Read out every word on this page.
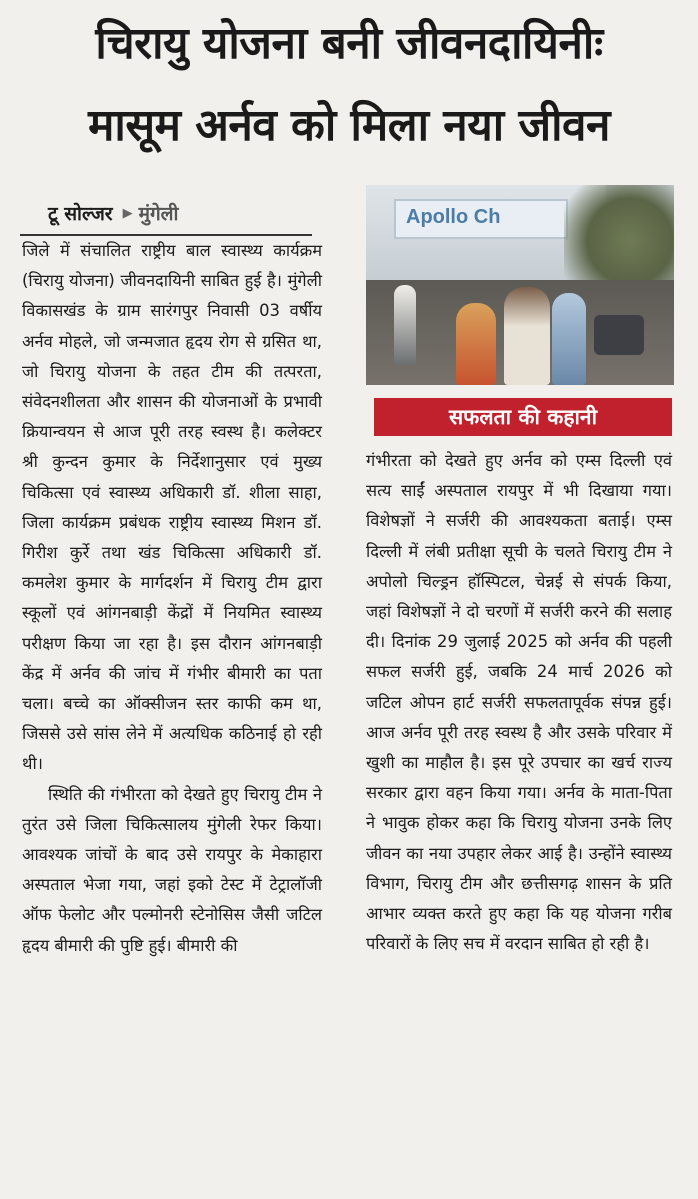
चिरायु योजना बनी जीवनदायिनीः
मासूम अर्नव को मिला नया जीवन
टू सोल्जर ▶ मुंगेली

जिले में संचालित राष्ट्रीय बाल स्वास्थ्य कार्यक्रम (चिरायु योजना) जीवनदायिनी साबित हुई है। मुंगेली विकासखंड के ग्राम सारंगपुर निवासी 03 वर्षीय अर्नव मोहले, जो जन्मजात हृदय रोग से ग्रसित था, जो चिरायु योजना के तहत टीम की तत्परता, संवेदनशीलता और शासन की योजनाओं के प्रभावी क्रियान्वयन से आज पूरी तरह स्वस्थ है। कलेक्टर श्री कुन्दन कुमार के निर्देशानुसार एवं मुख्य चिकित्सा एवं स्वास्थ्य अधिकारी डॉ. शीला साहा, जिला कार्यक्रम प्रबंधक राष्ट्रीय स्वास्थ्य मिशन डॉ. गिरीश कुर्रे तथा खंड चिकित्सा अधिकारी डॉ. कमलेश कुमार के मार्गदर्शन में चिरायु टीम द्वारा स्कूलों एवं आंगनबाड़ी केंद्रों में नियमित स्वास्थ्य परीक्षण किया जा रहा है। इस दौरान आंगनबाड़ी केंद्र में अर्नव की जांच में गंभीर बीमारी का पता चला। बच्चे का ऑक्सीजन स्तर काफी कम था, जिससे उसे सांस लेने में अत्यधिक कठिनाई हो रही थी।

स्थिति की गंभीरता को देखते हुए चिरायु टीम ने तुरंत उसे जिला चिकित्सालय मुंगेली रेफर किया। आवश्यक जांचों के बाद उसे रायपुर के मेकाहारा अस्पताल भेजा गया, जहां इको टेस्ट में टेट्रालॉजी ऑफ फेलोट और पल्मोनरी स्टेनोसिस जैसी जटिल हृदय बीमारी की पुष्टि हुई। बीमारी की

Apollo Ch
सफलता की कहानी

गंभीरता को देखते हुए अर्नव को एम्स दिल्ली एवं सत्य साईं अस्पताल रायपुर में भी दिखाया गया। विशेषज्ञों ने सर्जरी की आवश्यकता बताई। एम्स दिल्ली में लंबी प्रतीक्षा सूची के चलते चिरायु टीम ने अपोलो चिल्ड्रन हॉस्पिटल, चेन्नई से संपर्क किया, जहां विशेषज्ञों ने दो चरणों में सर्जरी करने की सलाह दी। दिनांक 29 जुलाई 2025 को अर्नव की पहली सफल सर्जरी हुई, जबकि 24 मार्च 2026 को जटिल ओपन हार्ट सर्जरी सफलतापूर्वक संपन्न हुई। आज अर्नव पूरी तरह स्वस्थ है और उसके परिवार में खुशी का माहौल है। इस पूरे उपचार का खर्च राज्य सरकार द्वारा वहन किया गया। अर्नव के माता-पिता ने भावुक होकर कहा कि चिरायु योजना उनके लिए जीवन का नया उपहार लेकर आई है। उन्होंने स्वास्थ्य विभाग, चिरायु टीम और छत्तीसगढ़ शासन के प्रति आभार व्यक्त करते हुए कहा कि यह योजना गरीब परिवारों के लिए सच में वरदान साबित हो रही है।
